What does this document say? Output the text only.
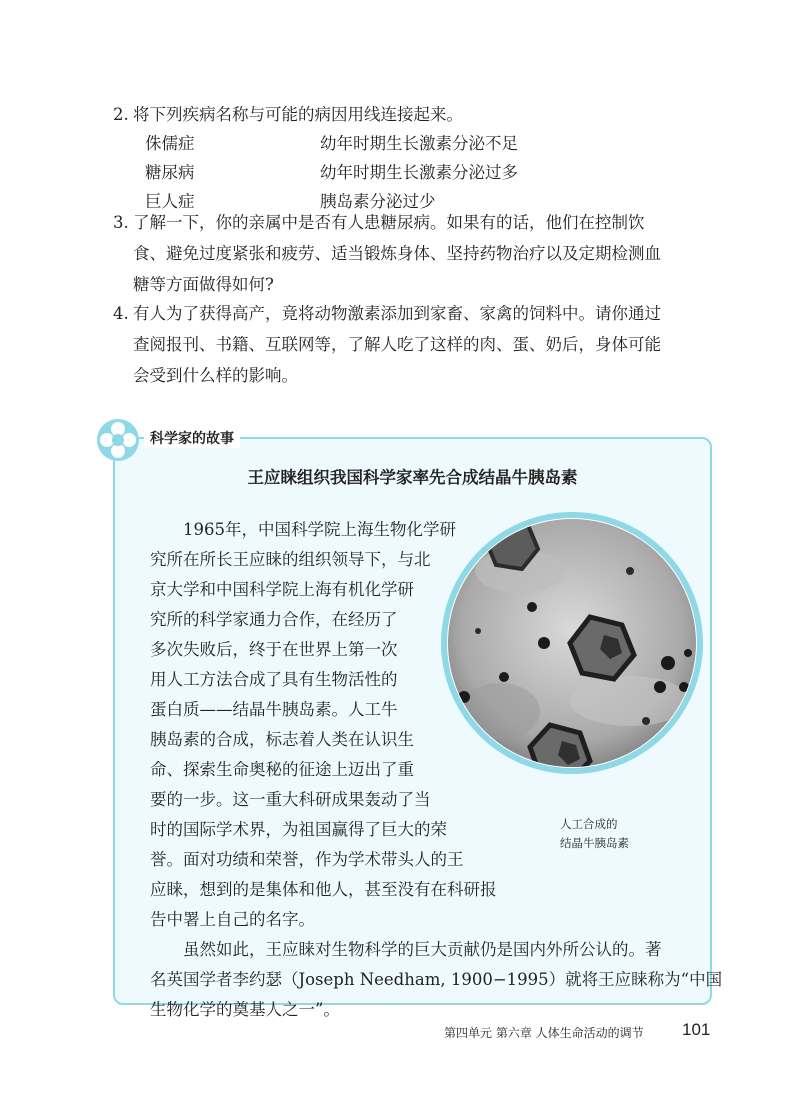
2. 将下列疾病名称与可能的病因用线连接起来。
侏儒症	幼年时期生长激素分泌不足
糖尿病	幼年时期生长激素分泌过多
巨人症	胰岛素分泌过少
3. 了解一下，你的亲属中是否有人患糖尿病。如果有的话，他们在控制饮
食、避免过度紧张和疲劳、适当锻炼身体、坚持药物治疗以及定期检测血
糖等方面做得如何?
4. 有人为了获得高产，竟将动物激素添加到家畜、家禽的饲料中。请你通过
查阅报刊、书籍、互联网等，了解人吃了这样的肉、蛋、奶后，身体可能
会受到什么样的影响。
科学家的故事
王应睐组织我国科学家率先合成结晶牛胰岛素
人工合成的
结晶牛胰岛素
　　1965年，中国科学院上海生物化学研
究所在所长王应睐的组织领导下，与北
京大学和中国科学院上海有机化学研
究所的科学家通力合作，在经历了
多次失败后，终于在世界上第一次
用人工方法合成了具有生物活性的
蛋白质——结晶牛胰岛素。人工牛
胰岛素的合成，标志着人类在认识生
命、探索生命奥秘的征途上迈出了重
要的一步。这一重大科研成果轰动了当
时的国际学术界，为祖国赢得了巨大的荣
誉。面对功绩和荣誉，作为学术带头人的王
应睐，想到的是集体和他人，甚至没有在科研报
告中署上自己的名字。
　　虽然如此，王应睐对生物科学的巨大贡献仍是国内外所公认的。著
名英国学者李约瑟（Joseph Needham, 1900−1995）就将王应睐称为“中国
生物化学的奠基人之一”。
第四单元 第六章 人体生命活动的调节 101
